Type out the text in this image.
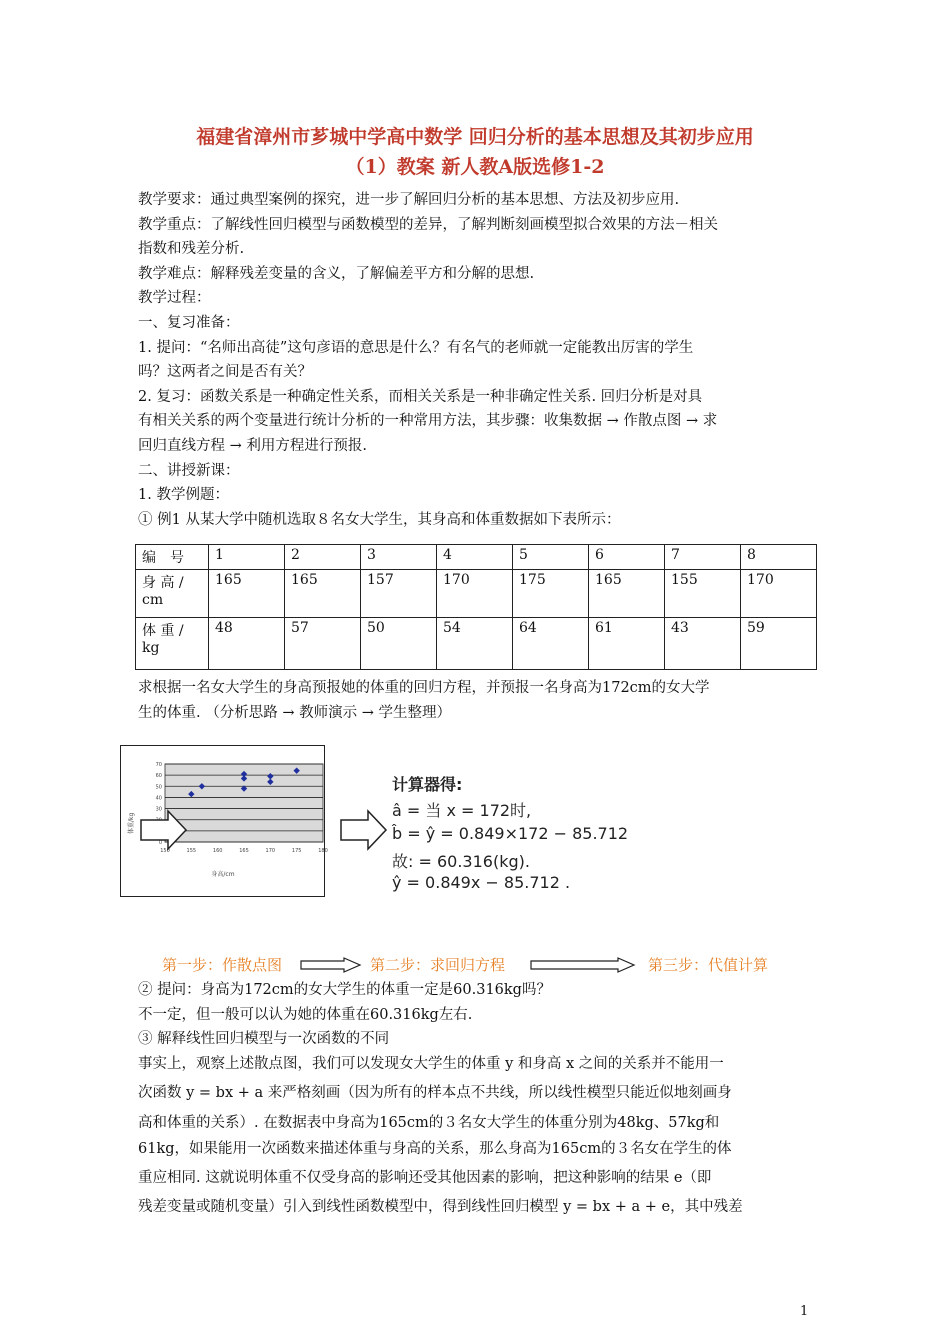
福建省漳州市芗城中学高中数学 回归分析的基本思想及其初步应用
（1）教案 新人教A版选修1-2
教学要求：通过典型案例的探究，进一步了解回归分析的基本思想、方法及初步应用.
教学重点：了解线性回归模型与函数模型的差异，了解判断刻画模型拟合效果的方法－相关
指数和残差分析.
教学难点：解释残差变量的含义，了解偏差平方和分解的思想.
教学过程：
一、复习准备：
1. 提问：“名师出高徒”这句彦语的意思是什么？有名气的老师就一定能教出厉害的学生
吗？这两者之间是否有关？
2. 复习：函数关系是一种确定性关系，而相关关系是一种非确定性关系. 回归分析是对具
有相关关系的两个变量进行统计分析的一种常用方法，其步骤：收集数据 → 作散点图 → 求
回归直线方程 → 利用方程进行预报.
二、讲授新课：
1. 教学例题：
① 例1 从某大学中随机选取８名女大学生，其身高和体重数据如下表所示：
编　号	1	2	3	4	5	6	7	8
身 高 / cm	165	165	157	170	175	165	155	170
体 重 / kg	48	57	50	54	64	61	43	59
求根据一名女大学生的身高预报她的体重的回归方程，并预报一名身高为172cm的女大学
生的体重. （分析思路 → 教师演示 → 学生整理）
体重/kg
身高/cm
70
60
50
40
30
0
150	155	160	165	170	175	180
计算器得:
â = 当 x = 172时,
b̂ = ŷ = 0.849×172 − 85.712
故: = 60.316(kg).
ŷ = 0.849x − 85.712 .
第一步：作散点图	第二步：求回归方程	第三步：代值计算
② 提问：身高为172cm的女大学生的体重一定是60.316kg吗？
不一定，但一般可以认为她的体重在60.316kg左右.
③ 解释线性回归模型与一次函数的不同
事实上，观察上述散点图，我们可以发现女大学生的体重 y 和身高 x 之间的关系并不能用一
次函数 y = bx + a 来严格刻画（因为所有的样本点不共线，所以线性模型只能近似地刻画身
高和体重的关系）. 在数据表中身高为165cm的３名女大学生的体重分别为48kg、57kg和
61kg，如果能用一次函数来描述体重与身高的关系，那么身高为165cm的３名女在学生的体
重应相同. 这就说明体重不仅受身高的影响还受其他因素的影响，把这种影响的结果 e（即
残差变量或随机变量）引入到线性函数模型中，得到线性回归模型 y = bx + a + e，其中残差
1
